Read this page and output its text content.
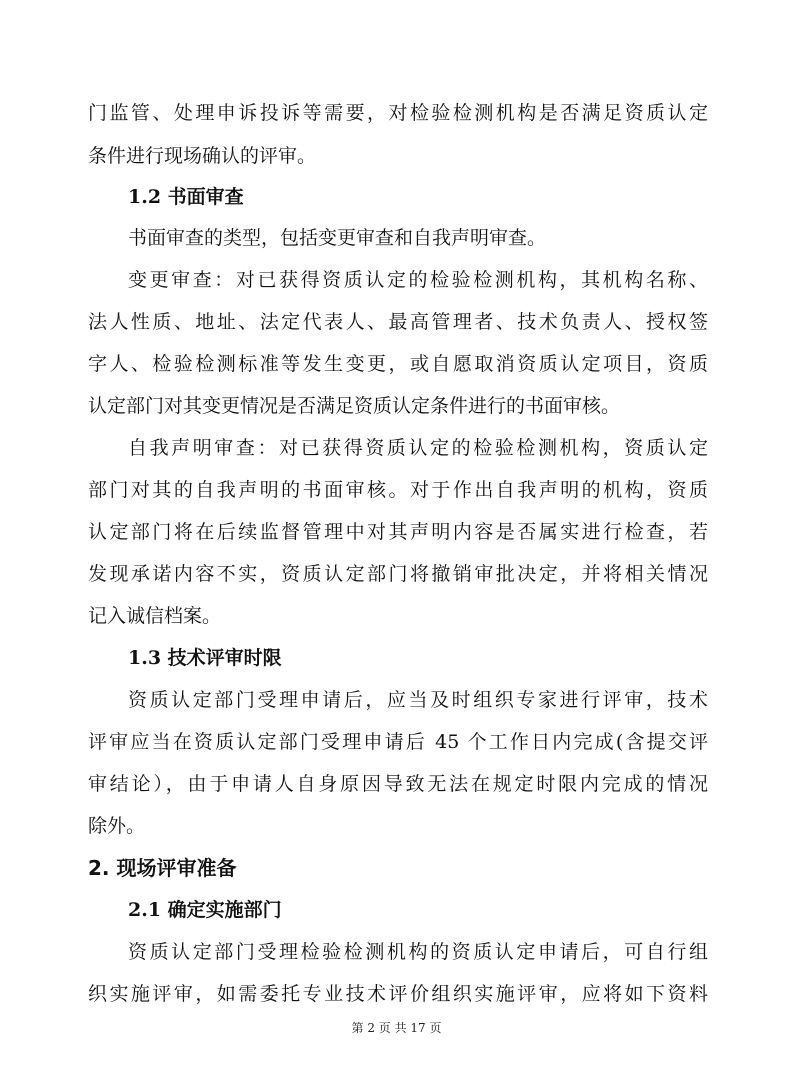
门监管、处理申诉投诉等需要，对检验检测机构是否满足资质认定
条件进行现场确认的评审。
1.2 书面审查
书面审查的类型，包括变更审查和自我声明审查。
变更审查：对已获得资质认定的检验检测机构，其机构名称、
法人性质、地址、法定代表人、最高管理者、技术负责人、授权签
字人、检验检测标准等发生变更，或自愿取消资质认定项目，资质
认定部门对其变更情况是否满足资质认定条件进行的书面审核。
自我声明审查：对已获得资质认定的检验检测机构，资质认定
部门对其的自我声明的书面审核。对于作出自我声明的机构，资质
认定部门将在后续监督管理中对其声明内容是否属实进行检查，若
发现承诺内容不实，资质认定部门将撤销审批决定，并将相关情况
记入诚信档案。
1.3 技术评审时限
资质认定部门受理申请后，应当及时组织专家进行评审，技术
评审应当在资质认定部门受理申请后 45 个工作日内完成(含提交评
审结论），由于申请人自身原因导致无法在规定时限内完成的情况
除外。
2. 现场评审准备
2.1 确定实施部门
资质认定部门受理检验检测机构的资质认定申请后，可自行组
织实施评审，如需委托专业技术评价组织实施评审，应将如下资料
第 2 页 共 17 页
